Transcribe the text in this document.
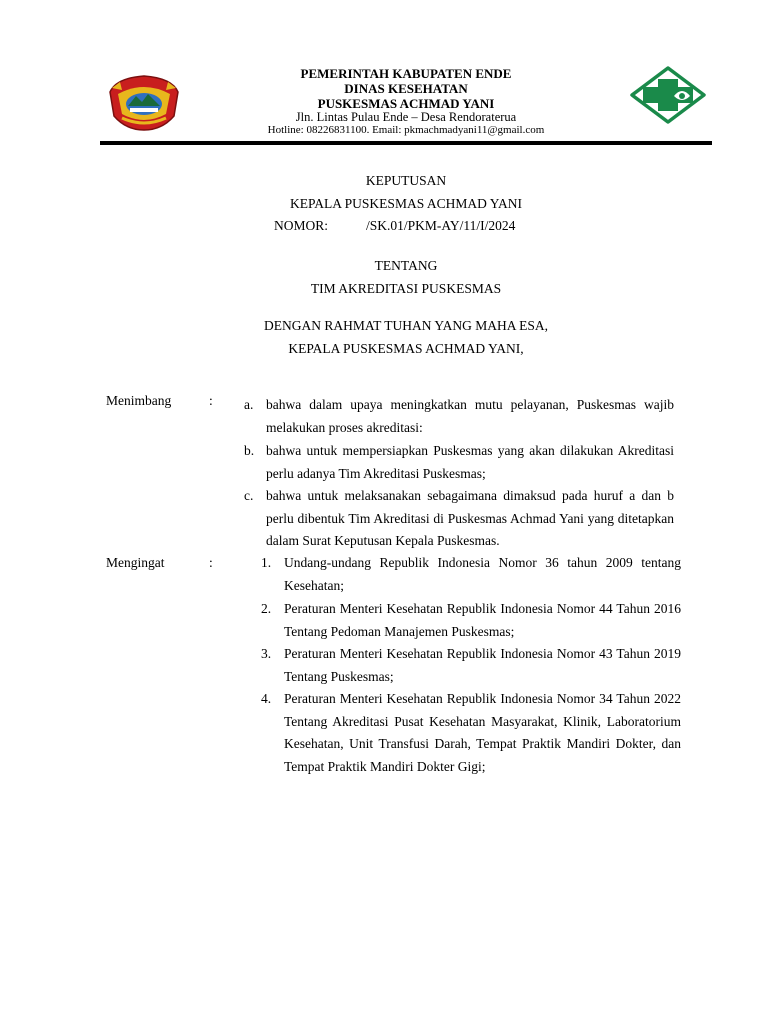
PEMERINTAH KABUPATEN ENDE
DINAS KESEHATAN
PUSKESMAS ACHMAD YANI
Jln. Lintas Pulau Ende – Desa Rendoraterua
Hotline: 08226831100. Email: pkmachmadyani11@gmail.com
KEPUTUSAN
KEPALA PUSKESMAS ACHMAD YANI
NOMOR:	/SK.01/PKM-AY/11/I/2024
TENTANG
TIM AKREDITASI PUSKESMAS
DENGAN RAHMAT TUHAN YANG MAHA ESA,
KEPALA PUSKESMAS ACHMAD YANI,
Menimbang	: a. bahwa dalam upaya meningkatkan mutu pelayanan, Puskesmas wajib melakukan proses akreditasi:
b. bahwa untuk mempersiapkan Puskesmas yang akan dilakukan Akreditasi perlu adanya Tim Akreditasi Puskesmas;
c. bahwa untuk melaksanakan sebagaimana dimaksud pada huruf a dan b perlu dibentuk Tim Akreditasi di Puskesmas Achmad Yani yang ditetapkan dalam Surat Keputusan Kepala Puskesmas.
Mengingat	:	1. Undang-undang Republik Indonesia Nomor 36 tahun 2009 tentang Kesehatan;
2. Peraturan Menteri Kesehatan Republik Indonesia Nomor 44 Tahun 2016 Tentang Pedoman Manajemen Puskesmas;
3. Peraturan Menteri Kesehatan Republik Indonesia Nomor 43 Tahun 2019 Tentang Puskesmas;
4. Peraturan Menteri Kesehatan Republik Indonesia Nomor 34 Tahun 2022 Tentang Akreditasi Pusat Kesehatan Masyarakat, Klinik, Laboratorium Kesehatan, Unit Transfusi Darah, Tempat Praktik Mandiri Dokter, dan Tempat Praktik Mandiri Dokter Gigi;
